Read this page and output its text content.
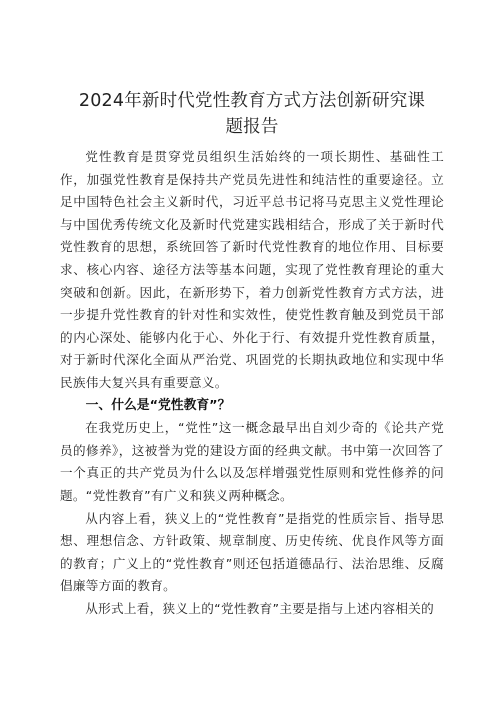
2024年新时代党性教育方式方法创新研究课
题报告

党性教育是贯穿党员组织生活始终的一项长期性、基础性工作，加强党性教育是保持共产党员先进性和纯洁性的重要途径。立足中国特色社会主义新时代，习近平总书记将马克思主义党性理论与中国优秀传统文化及新时代党建实践相结合，形成了关于新时代党性教育的思想，系统回答了新时代党性教育的地位作用、目标要求、核心内容、途径方法等基本问题，实现了党性教育理论的重大突破和创新。因此，在新形势下，着力创新党性教育方式方法，进一步提升党性教育的针对性和实效性，使党性教育触及到党员干部的内心深处、能够内化于心、外化于行、有效提升党性教育质量，对于新时代深化全面从严治党、巩固党的长期执政地位和实现中华民族伟大复兴具有重要意义。

一、什么是“党性教育”？

在我党历史上，“党性”这一概念最早出自刘少奇的《论共产党员的修养》，这被誉为党的建设方面的经典文献。书中第一次回答了一个真正的共产党员为什么以及怎样增强党性原则和党性修养的问题。“党性教育”有广义和狭义两种概念。

从内容上看，狭义上的“党性教育”是指党的性质宗旨、指导思想、理想信念、方针政策、规章制度、历史传统、优良作风等方面的教育；广义上的“党性教育”则还包括道德品行、法治思维、反腐倡廉等方面的教育。

从形式上看，狭义上的“党性教育”主要是指与上述内容相关的
